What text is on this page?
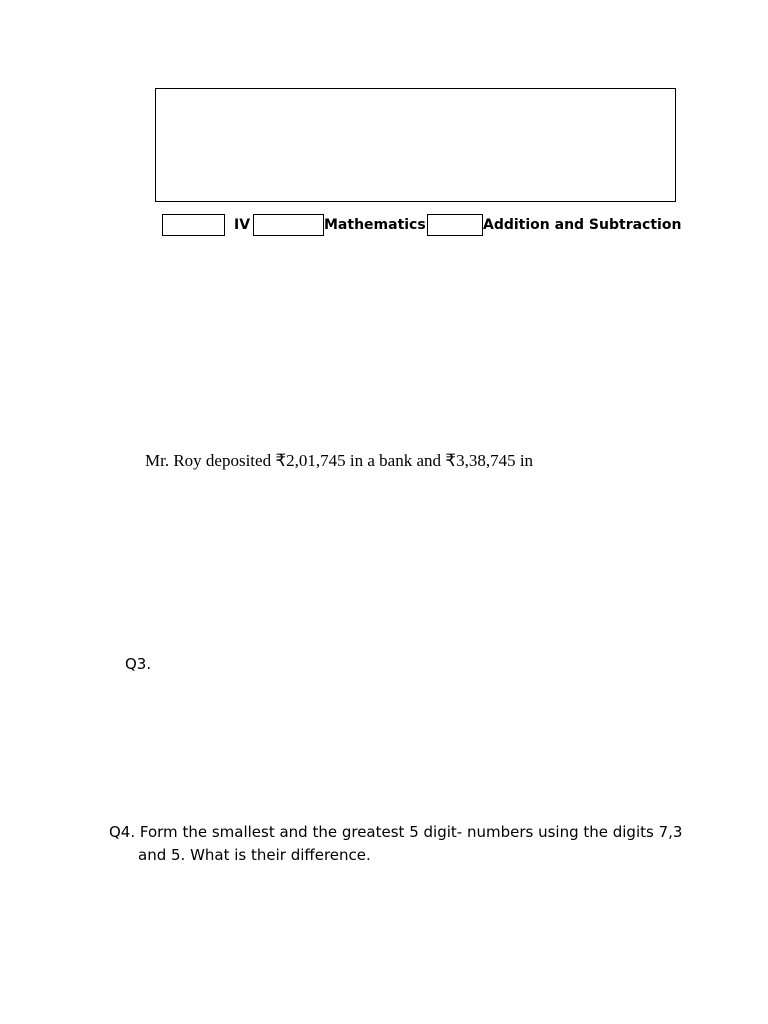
IV	Mathematics	Addition and Subtraction
Mr. Roy deposited ₹2,01,745 in a bank and ₹3,38,745 in
Q3.
Q4. Form the smallest and the greatest 5 digit- numbers using the digits 7,3
and 5. What is their difference.
